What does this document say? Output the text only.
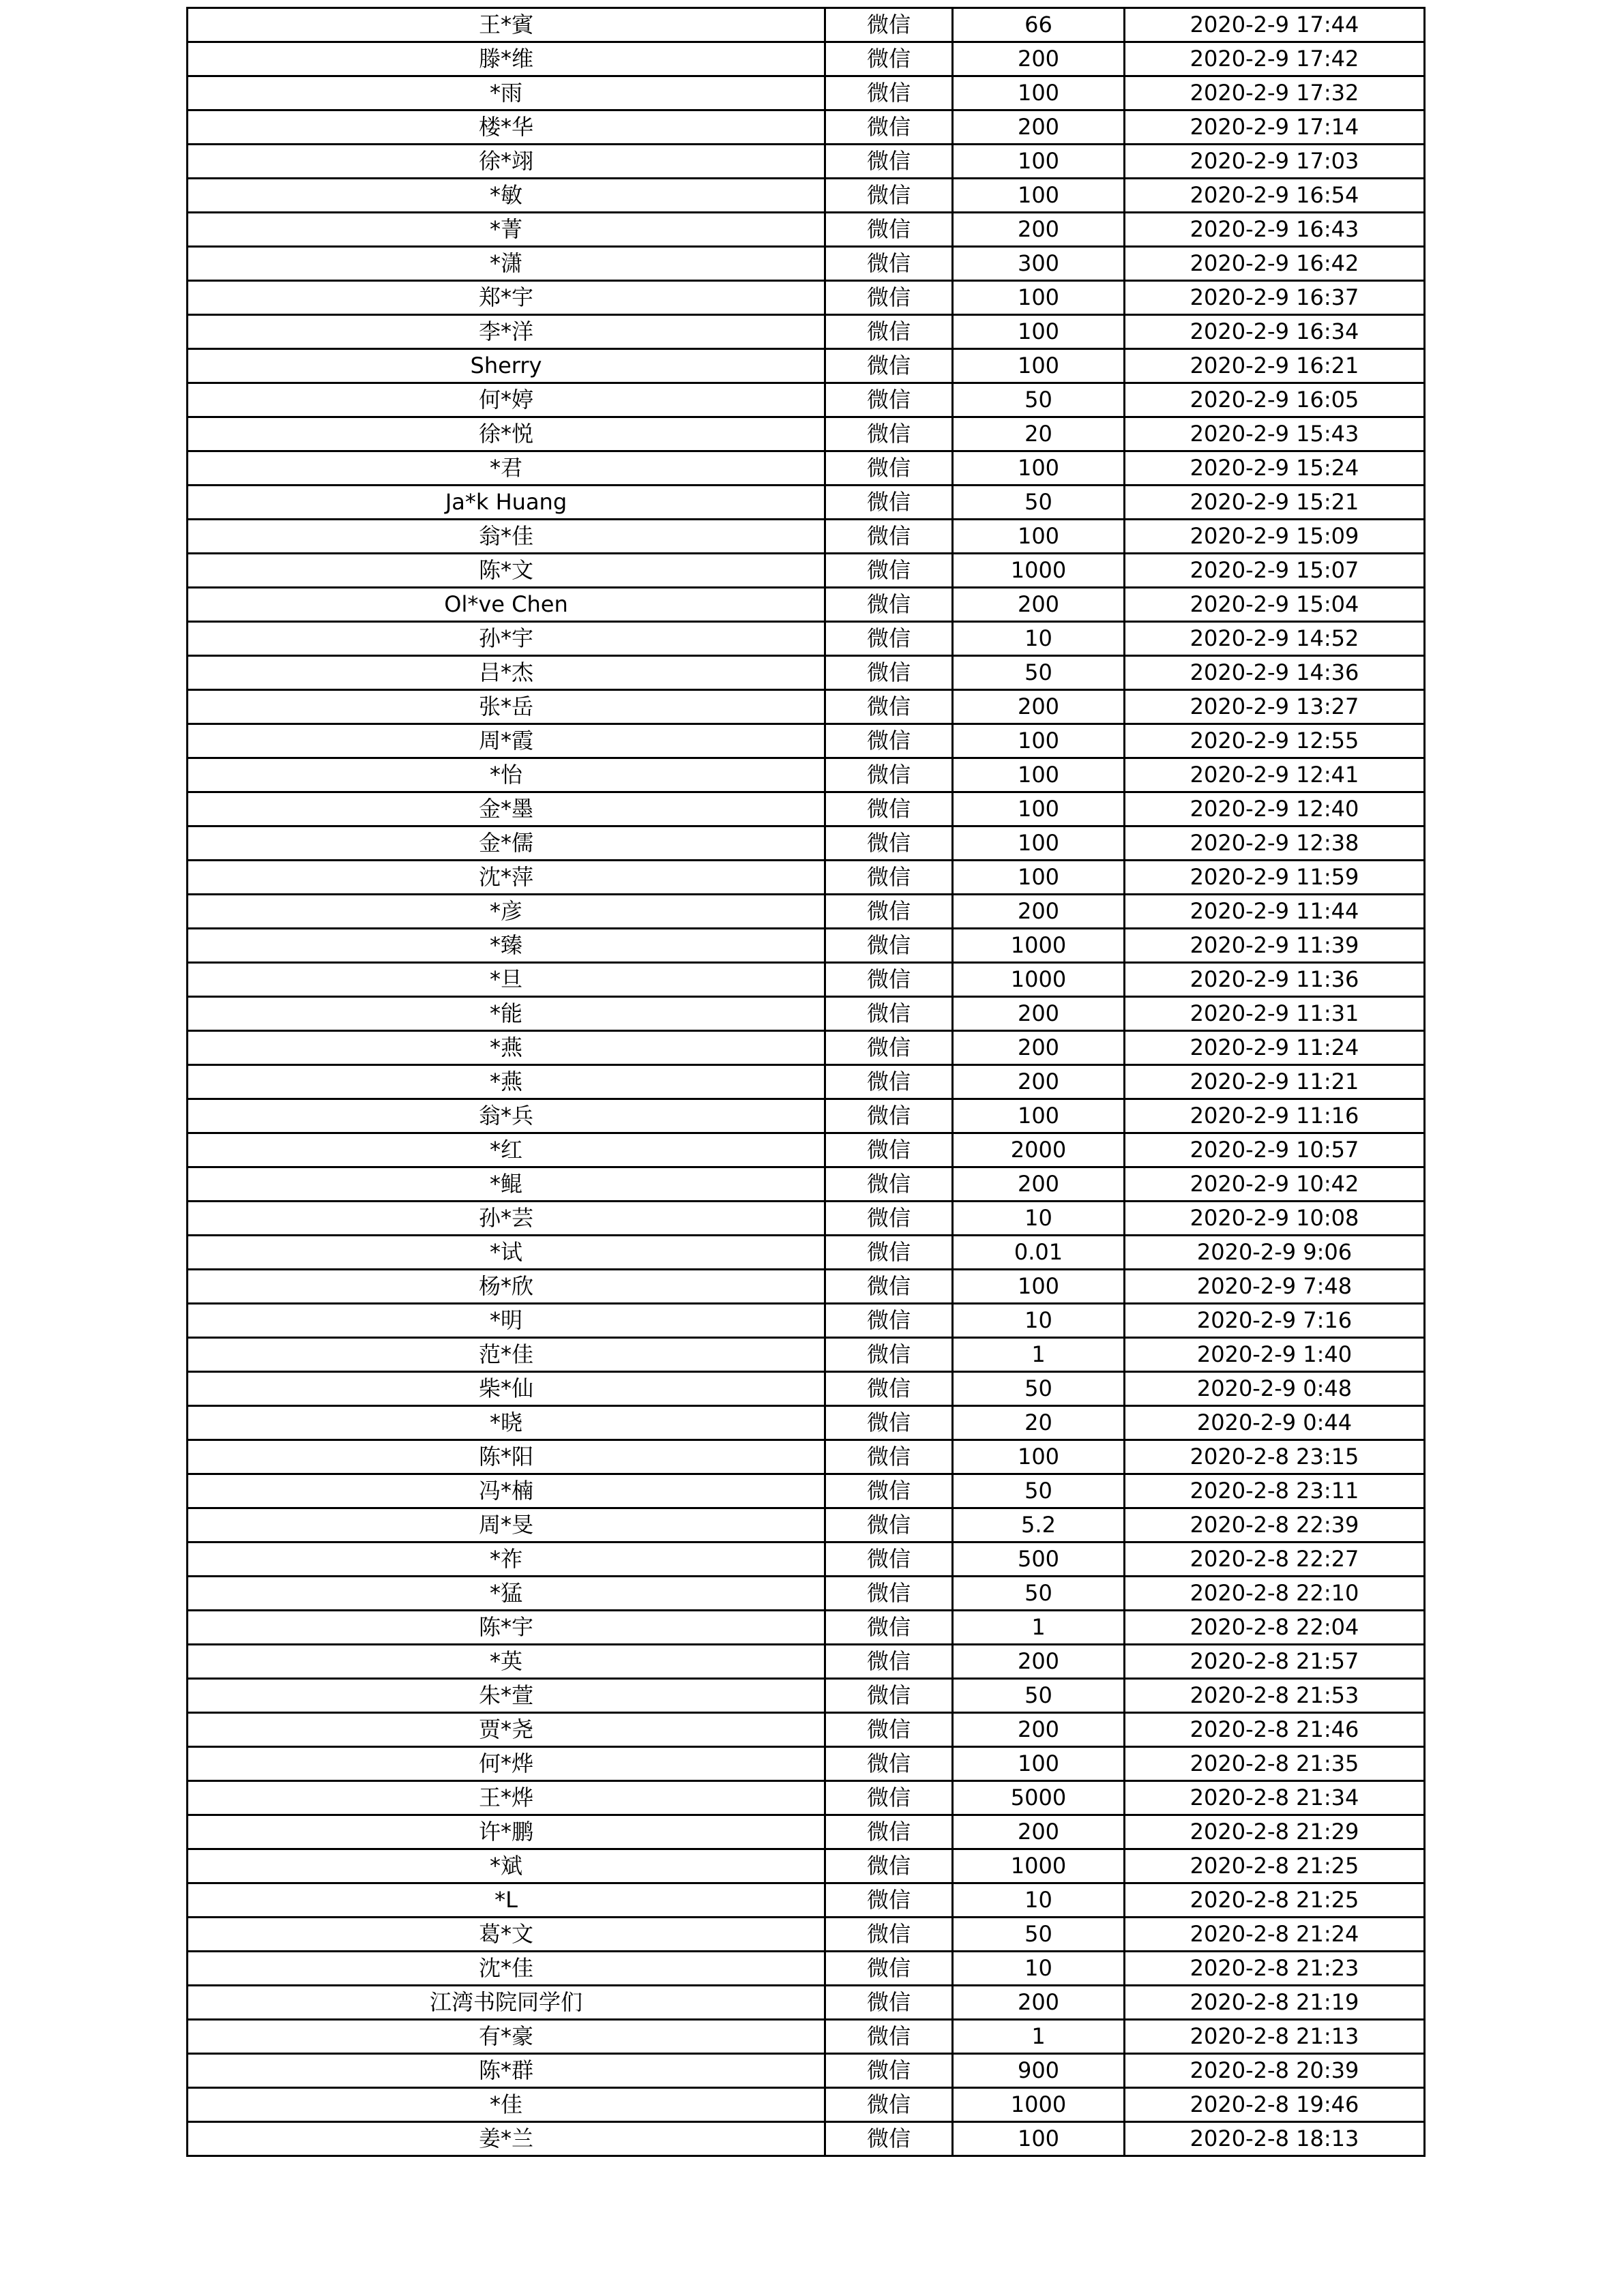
王*賓	微信	66	2020-2-9 17:44
滕*维	微信	200	2020-2-9 17:42
*雨	微信	100	2020-2-9 17:32
楼*华	微信	200	2020-2-9 17:14
徐*翊	微信	100	2020-2-9 17:03
*敏	微信	100	2020-2-9 16:54
*菁	微信	200	2020-2-9 16:43
*潇	微信	300	2020-2-9 16:42
郑*宇	微信	100	2020-2-9 16:37
李*洋	微信	100	2020-2-9 16:34
Sherry	微信	100	2020-2-9 16:21
何*婷	微信	50	2020-2-9 16:05
徐*悦	微信	20	2020-2-9 15:43
*君	微信	100	2020-2-9 15:24
Ja*k Huang	微信	50	2020-2-9 15:21
翁*佳	微信	100	2020-2-9 15:09
陈*文	微信	1000	2020-2-9 15:07
Ol*ve Chen	微信	200	2020-2-9 15:04
孙*宇	微信	10	2020-2-9 14:52
吕*杰	微信	50	2020-2-9 14:36
张*岳	微信	200	2020-2-9 13:27
周*霞	微信	100	2020-2-9 12:55
*怡	微信	100	2020-2-9 12:41
金*墨	微信	100	2020-2-9 12:40
金*儒	微信	100	2020-2-9 12:38
沈*萍	微信	100	2020-2-9 11:59
*彦	微信	200	2020-2-9 11:44
*臻	微信	1000	2020-2-9 11:39
*旦	微信	1000	2020-2-9 11:36
*能	微信	200	2020-2-9 11:31
*燕	微信	200	2020-2-9 11:24
*燕	微信	200	2020-2-9 11:21
翁*兵	微信	100	2020-2-9 11:16
*红	微信	2000	2020-2-9 10:57
*鲲	微信	200	2020-2-9 10:42
孙*芸	微信	10	2020-2-9 10:08
*试	微信	0.01	2020-2-9 9:06
杨*欣	微信	100	2020-2-9 7:48
*明	微信	10	2020-2-9 7:16
范*佳	微信	1	2020-2-9 1:40
柴*仙	微信	50	2020-2-9 0:48
*晓	微信	20	2020-2-9 0:44
陈*阳	微信	100	2020-2-8 23:15
冯*楠	微信	50	2020-2-8 23:11
周*旻	微信	5.2	2020-2-8 22:39
*祚	微信	500	2020-2-8 22:27
*猛	微信	50	2020-2-8 22:10
陈*宇	微信	1	2020-2-8 22:04
*英	微信	200	2020-2-8 21:57
朱*萱	微信	50	2020-2-8 21:53
贾*尧	微信	200	2020-2-8 21:46
何*烨	微信	100	2020-2-8 21:35
王*烨	微信	5000	2020-2-8 21:34
许*鹏	微信	200	2020-2-8 21:29
*斌	微信	1000	2020-2-8 21:25
*L	微信	10	2020-2-8 21:25
葛*文	微信	50	2020-2-8 21:24
沈*佳	微信	10	2020-2-8 21:23
江湾书院同学们	微信	200	2020-2-8 21:19
有*豪	微信	1	2020-2-8 21:13
陈*群	微信	900	2020-2-8 20:39
*佳	微信	1000	2020-2-8 19:46
姜*兰	微信	100	2020-2-8 18:13
